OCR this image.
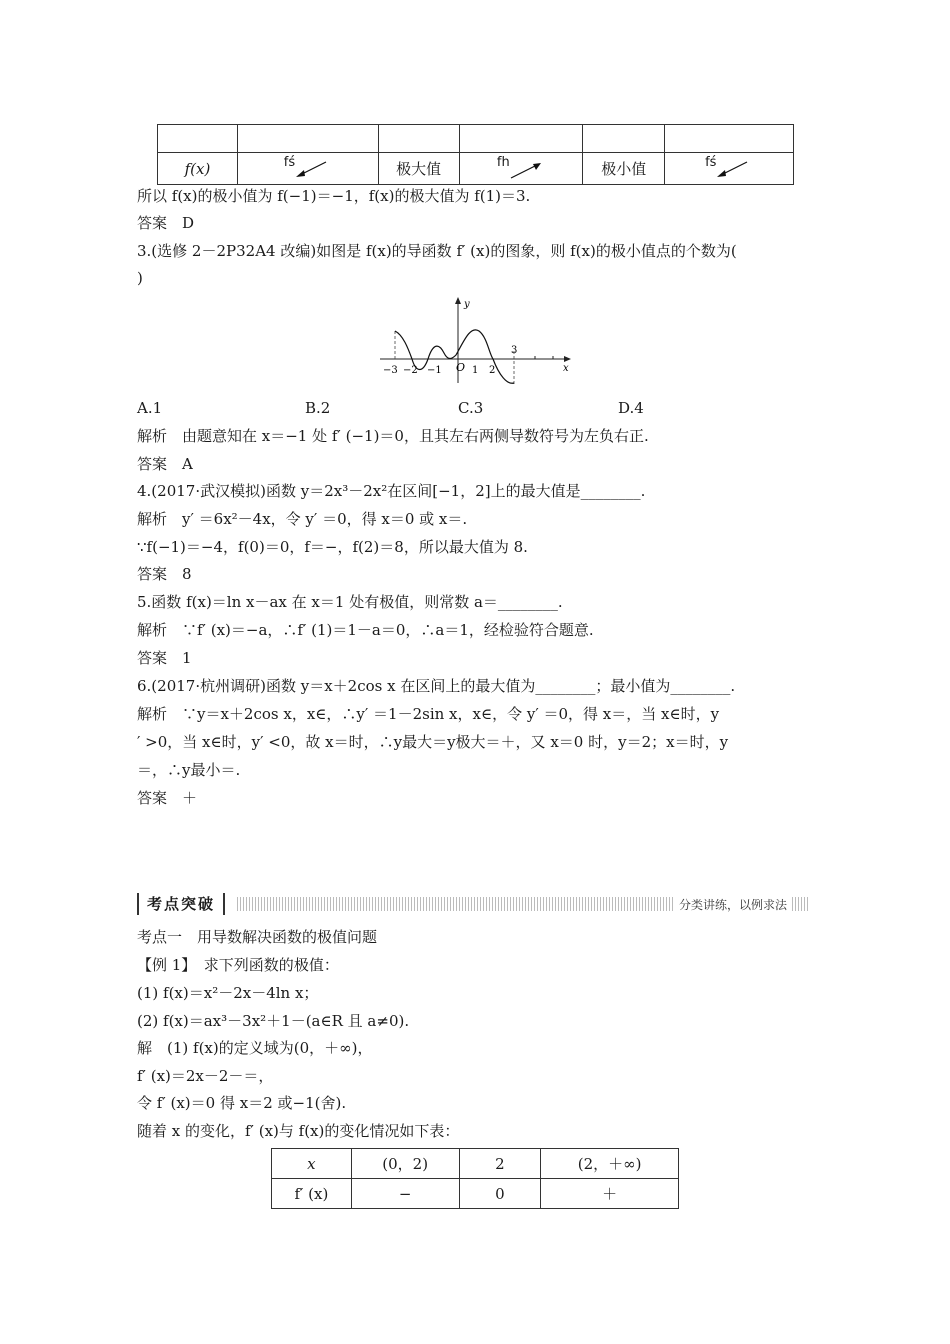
f(x)	fś	极大值	fh	极小值	fś
所以 f(x)的极小值为 f(−1)＝−1，f(x)的极大值为 f(1)＝3.
答案　D
3.(选修 2－2P32A4 改编)如图是 f(x)的导函数 f′ (x)的图象，则 f(x)的极小值点的个数为(
)
y
x
O
−3 −2 −1	1 2
3
A.1	B.2	C.3	D.4
解析　由题意知在 x＝−1 处 f′ (−1)＝0，且其左右两侧导数符号为左负右正.
答案　A
4.(2017·武汉模拟)函数 y＝2x³－2x²在区间[−1，2]上的最大值是________.
解析　y′ ＝6x²－4x，令 y′ ＝0，得 x＝0 或 x＝.
∵f(−1)＝−4，f(0)＝0，f＝−，f(2)＝8，所以最大值为 8.
答案　8
5.函数 f(x)＝ln x－ax 在 x＝1 处有极值，则常数 a＝________.
解析　∵f′ (x)＝−a，∴f′ (1)＝1－a＝0，∴a＝1，经检验符合题意.
答案　1
6.(2017·杭州调研)函数 y＝x＋2cos x 在区间上的最大值为________；最小值为________.
解析　∵y＝x＋2cos x，x∈，∴y′ ＝1－2sin x，x∈，令 y′ ＝0，得 x＝，当 x∈时，y
′ >0，当 x∈时，y′ <0，故 x＝时，∴y最大＝y极大＝＋，又 x＝0 时，y＝2；x＝时，y
＝，∴y最小＝.
答案　＋
考点突破	分类讲练，以例求法
考点一　用导数解决函数的极值问题
【例 1】　求下列函数的极值：
(1) f(x)＝x²－2x－4ln x；
(2) f(x)＝ax³－3x²＋1－(a∈R 且 a≠0).
解　(1) f(x)的定义域为(0，＋∞)，
f′ (x)＝2x－2－＝，
令 f′ (x)＝0 得 x＝2 或−1(舍).
随着 x 的变化，f′ (x)与 f(x)的变化情况如下表：
x	(0，2)	2	(2，＋∞)
f′ (x)	−	0	＋
